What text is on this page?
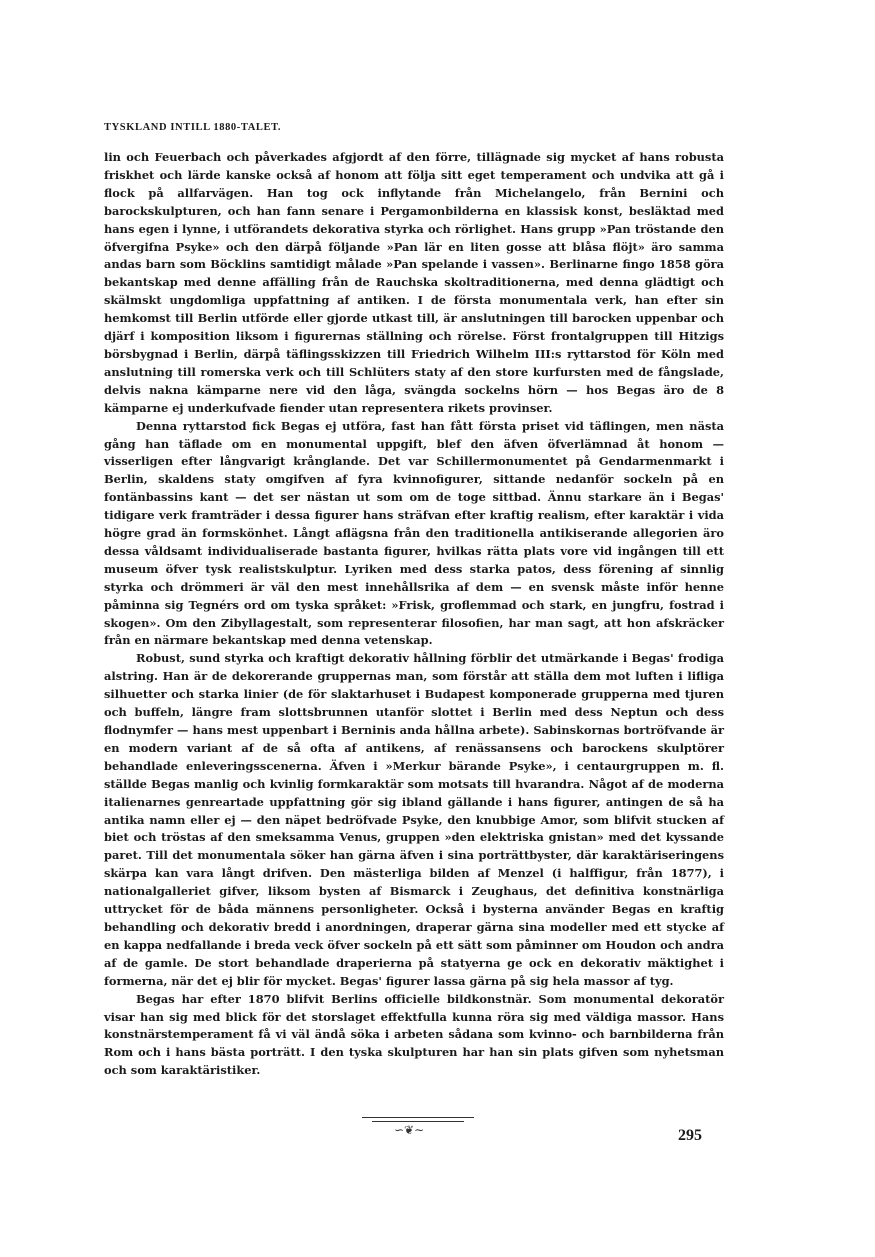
TYSKLAND INTILL 1880-TALET.

lin och Feuerbach och påverkades afgjordt af den förre, tillägnade sig mycket af hans robusta friskhet och lärde kanske också af honom att följa sitt eget temperament och undvika att gå i flock på allfarvägen. Han tog ock inflytande från Michelangelo, från Bernini och barockskulpturen, och han fann senare i Pergamonbilderna en klassisk konst, besläktad med hans egen i lynne, i utförandets dekorativa styrka och rörlighet. Hans grupp »Pan tröstande den öfvergifna Psyke» och den därpå följande »Pan lär en liten gosse att blåsa flöjt» äro samma andas barn som Böcklins samtidigt målade »Pan spelande i vassen». Berlinarne fingo 1858 göra bekantskap med denne affälling från de Rauchska skoltraditionerna, med denna glädtigt och skälmskt ungdomliga uppfattning af antiken. I de första monumentala verk, han efter sin hemkomst till Berlin utförde eller gjorde utkast till, är anslutningen till barocken uppenbar och djärf i komposition liksom i figurernas ställning och rörelse. Först frontalgruppen till Hitzigs börsbygnad i Berlin, därpå täflingsskizzen till Friedrich Wilhelm III:s ryttarstod för Köln med anslutning till romerska verk och till Schlüters staty af den store kurfursten med de fångslade, delvis nakna kämparne nere vid den låga, svängda sockelns hörn — hos Begas äro de 8 kämparne ej underkufvade fiender utan representera rikets provinser.

Denna ryttarstod fick Begas ej utföra, fast han fått första priset vid täflingen, men nästa gång han täflade om en monumental uppgift, blef den äfven öfverlämnad åt honom — visserligen efter långvarigt krånglande. Det var Schillermonumentet på Gendarmenmarkt i Berlin, skaldens staty omgifven af fyra kvinnofigurer, sittande nedanför sockeln på en fontänbassins kant — det ser nästan ut som om de toge sittbad. Ännu starkare än i Begas' tidigare verk framträder i dessa figurer hans sträfvan efter kraftig realism, efter karaktär i vida högre grad än formskönhet. Långt aflägsna från den traditionella antikiserande allegorien äro dessa våldsamt individualiserade bastanta figurer, hvilkas rätta plats vore vid ingången till ett museum öfver tysk realistskulptur. Lyriken med dess starka patos, dess förening af sinnlig styrka och drömmeri är väl den mest innehållsrika af dem — en svensk måste inför henne påminna sig Tegnérs ord om tyska språket: »Frisk, groflemmad och stark, en jungfru, fostrad i skogen». Om den Zibyllagestalt, som representerar filosofien, har man sagt, att hon afskräcker från en närmare bekantskap med denna vetenskap.

Robust, sund styrka och kraftigt dekorativ hållning förblir det utmärkande i Begas' frodiga alstring. Han är de dekorerande gruppernas man, som förstår att ställa dem mot luften i lifliga silhuetter och starka linier (de för slaktarhuset i Budapest komponerade grupperna med tjuren och buffeln, längre fram slottsbrunnen utanför slottet i Berlin med dess Neptun och dess flodnymfer — hans mest uppenbart i Berninis anda hållna arbete). Sabinskornas bortröfvande är en modern variant af de så ofta af antikens, af renässansens och barockens skulptörer behandlade enleveringsscenerna. Äfven i »Merkur bärande Psyke», i centaurgruppen m. fl. ställde Begas manlig och kvinlig formkaraktär som motsats till hvarandra. Något af de moderna italienarnes genreartade uppfattning gör sig ibland gällande i hans figurer, antingen de så ha antika namn eller ej — den näpet bedröfvade Psyke, den knubbige Amor, som blifvit stucken af biet och tröstas af den smeksamma Venus, gruppen »den elektriska gnistan» med det kyssande paret. Till det monumentala söker han gärna äfven i sina porträttbyster, där karaktäriseringens skärpa kan vara långt drifven. Den mästerliga bilden af Menzel (i halffigur, från 1877), i nationalgalleriet gifver, liksom bysten af Bismarck i Zeughaus, det definitiva konstnärliga uttrycket för de båda männens personligheter. Också i bysterna använder Begas en kraftig behandling och dekorativ bredd i anordningen, draperar gärna sina modeller med ett stycke af en kappa nedfallande i breda veck öfver sockeln på ett sätt som påminner om Houdon och andra af de gamle. De stort behandlade draperierna på statyerna ge ock en dekorativ mäktighet i formerna, när det ej blir för mycket. Begas' figurer lassa gärna på sig hela massor af tyg.

Begas har efter 1870 blifvit Berlins officielle bildkonstnär. Som monumental dekoratör visar han sig med blick för det storslaget effektfulla kunna röra sig med väldiga massor. Hans konstnärstemperament få vi väl ändå söka i arbeten sådana som kvinno- och barnbilderna från Rom och i hans bästa porträtt. I den tyska skulpturen har han sin plats gifven som nyhetsman och som karaktäristiker.

∽❦∼	295
